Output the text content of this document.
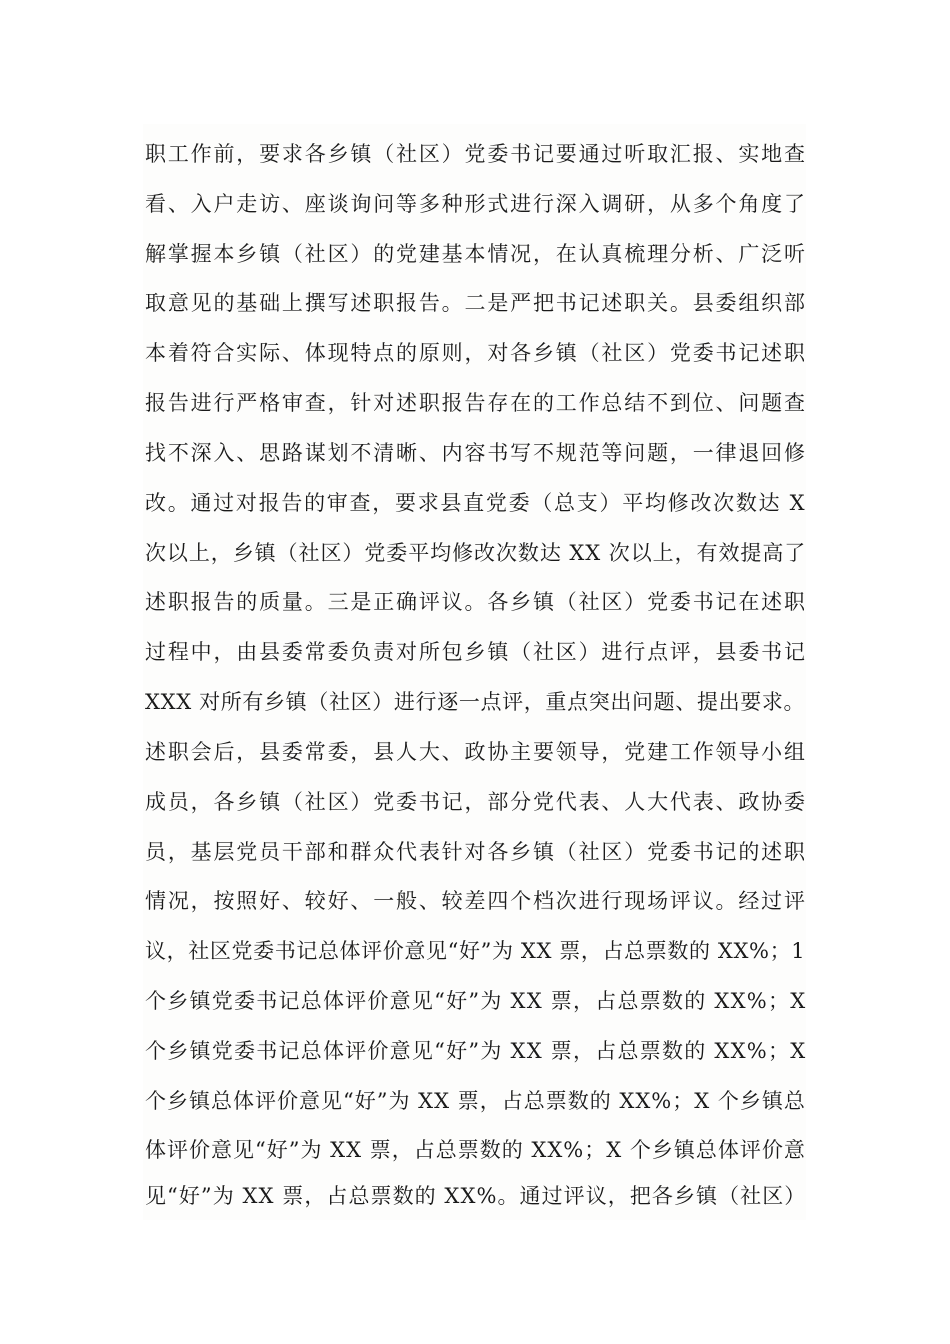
职工作前，要求各乡镇（社区）党委书记要通过听取汇报、实地查
看、入户走访、座谈询问等多种形式进行深入调研，从多个角度了
解掌握本乡镇（社区）的党建基本情况，在认真梳理分析、广泛听
取意见的基础上撰写述职报告。二是严把书记述职关。县委组织部
本着符合实际、体现特点的原则，对各乡镇（社区）党委书记述职
报告进行严格审查，针对述职报告存在的工作总结不到位、问题查
找不深入、思路谋划不清晰、内容书写不规范等问题，一律退回修
改。通过对报告的审查，要求县直党委（总支）平均修改次数达 X
次以上，乡镇（社区）党委平均修改次数达 XX 次以上，有效提高了
述职报告的质量。三是正确评议。各乡镇（社区）党委书记在述职
过程中，由县委常委负责对所包乡镇（社区）进行点评，县委书记
XXX 对所有乡镇（社区）进行逐一点评，重点突出问题、提出要求。
述职会后，县委常委，县人大、政协主要领导，党建工作领导小组
成员，各乡镇（社区）党委书记，部分党代表、人大代表、政协委
员，基层党员干部和群众代表针对各乡镇（社区）党委书记的述职
情况，按照好、较好、一般、较差四个档次进行现场评议。经过评
议，社区党委书记总体评价意见“好”为 XX 票，占总票数的 XX%；1
个乡镇党委书记总体评价意见“好”为 XX 票，占总票数的 XX%；X
个乡镇党委书记总体评价意见“好”为 XX 票，占总票数的 XX%；X
个乡镇总体评价意见“好”为 XX 票，占总票数的 XX%；X 个乡镇总
体评价意见“好”为 XX 票，占总票数的 XX%；X 个乡镇总体评价意
见“好”为 XX 票，占总票数的 XX%。通过评议，把各乡镇（社区）
